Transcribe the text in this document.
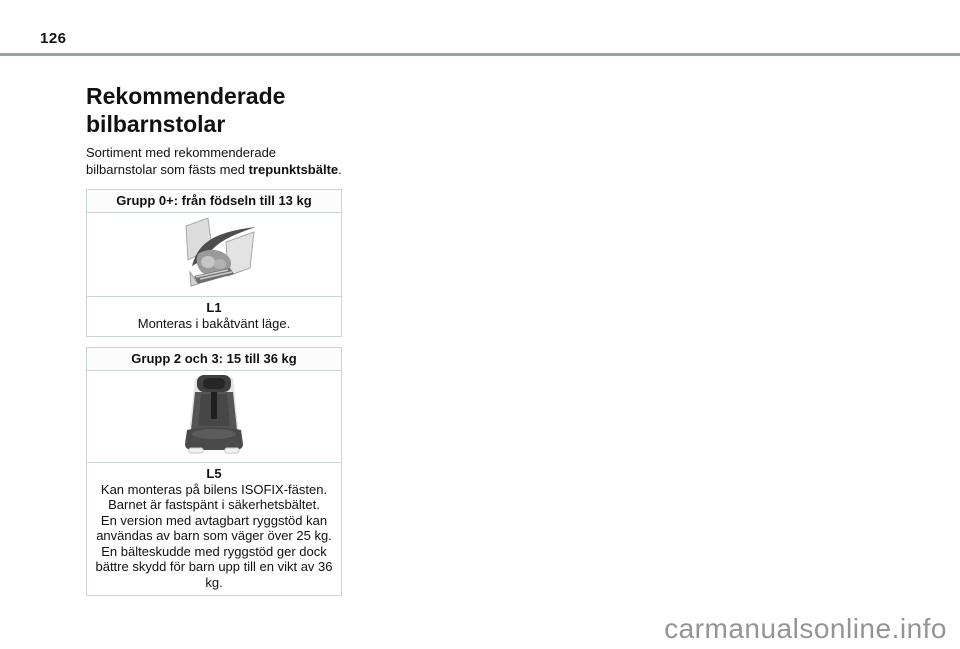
126
Rekommenderade
bilbarnstolar

Sortiment med rekommenderade bilbarnstolar som fästs med trepunktsbälte.

Grupp 0+: från födseln till 13 kg

L1
Monteras i bakåtvänt läge.
Grupp 2 och 3: 15 till 36 kg

L5
Kan monteras på bilens ISOFIX-fästen.
Barnet är fastspänt i säkerhetsbältet.
En version med avtagbart ryggstöd kan användas av barn som väger över 25 kg. En bälteskudde med ryggstöd ger dock bättre skydd för barn upp till en vikt av 36 kg.
carmanualsonline.info
